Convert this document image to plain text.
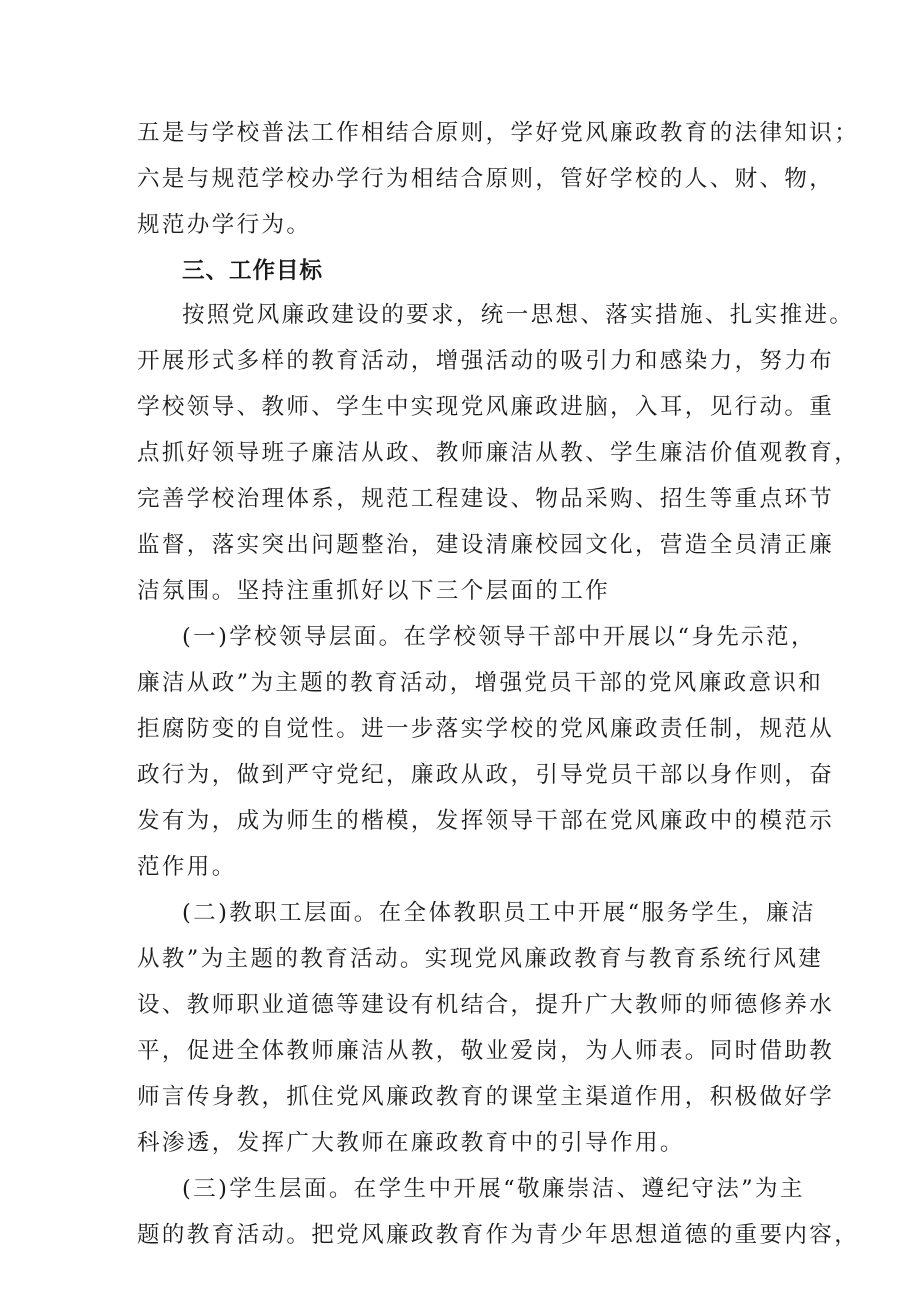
五是与学校普法工作相结合原则，学好党风廉政教育的法律知识；
六是与规范学校办学行为相结合原则，管好学校的人、财、物，
规范办学行为。
三、工作目标
按照党风廉政建设的要求，统一思想、落实措施、扎实推进。
开展形式多样的教育活动，增强活动的吸引力和感染力，努力布
学校领导、教师、学生中实现党风廉政进脑，入耳，见行动。重
点抓好领导班子廉洁从政、教师廉洁从教、学生廉洁价值观教育，
完善学校治理体系，规范工程建设、物品采购、招生等重点环节
监督，落实突出问题整治，建设清廉校园文化，营造全员清正廉
洁氛围。坚持注重抓好以下三个层面的工作
(一)学校领导层面。在学校领导干部中开展以“身先示范，
廉洁从政”为主题的教育活动，增强党员干部的党风廉政意识和
拒腐防变的自觉性。进一步落实学校的党风廉政责任制，规范从
政行为，做到严守党纪，廉政从政，引导党员干部以身作则，奋
发有为，成为师生的楷模，发挥领导干部在党风廉政中的模范示
范作用。
(二)教职工层面。在全体教职员工中开展“服务学生，廉洁
从教”为主题的教育活动。实现党风廉政教育与教育系统行风建
设、教师职业道德等建设有机结合，提升广大教师的师德修养水
平，促进全体教师廉洁从教，敬业爱岗，为人师表。同时借助教
师言传身教，抓住党风廉政教育的课堂主渠道作用，积极做好学
科渗透，发挥广大教师在廉政教育中的引导作用。
(三)学生层面。在学生中开展“敬廉崇洁、遵纪守法”为主
题的教育活动。把党风廉政教育作为青少年思想道德的重要内容，
